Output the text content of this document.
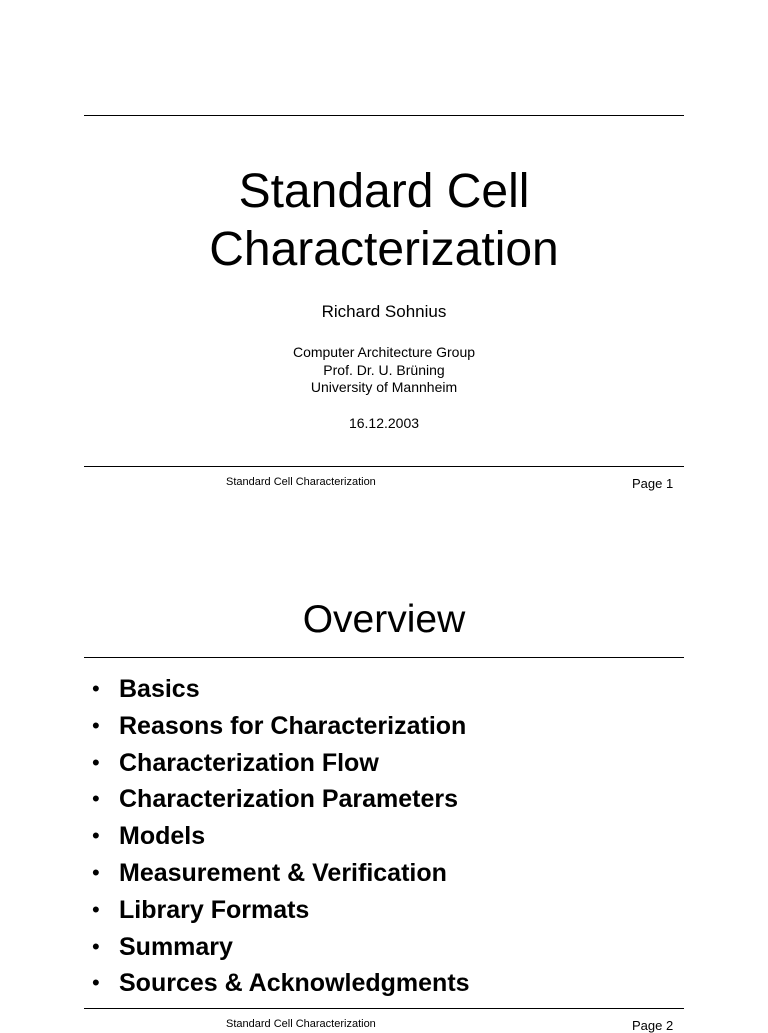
Standard Cell
Characterization
Richard Sohnius
Computer Architecture Group
Prof. Dr. U. Brüning
University of Mannheim
16.12.2003
Standard Cell Characterization	Page 1
Overview
• Basics
• Reasons for Characterization
• Characterization Flow
• Characterization Parameters
• Models
• Measurement & Verification
• Library Formats
• Summary
• Sources & Acknowledgments
Standard Cell Characterization	Page 2
